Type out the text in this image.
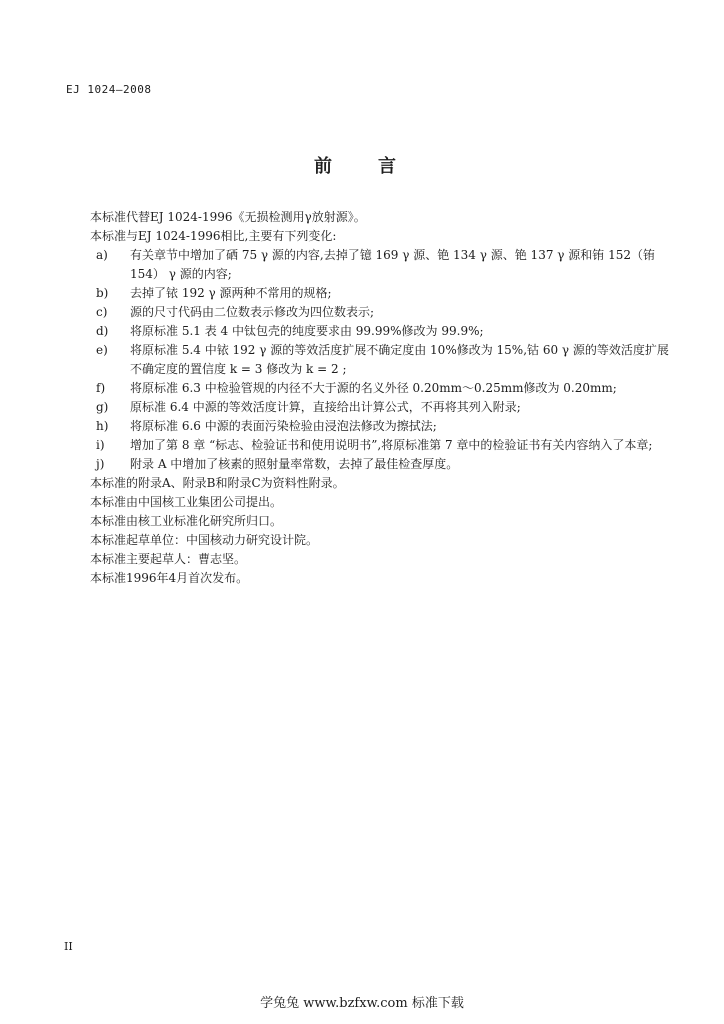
EJ 1024—2008
前　言

本标准代替EJ 1024-1996《无损检测用γ放射源》。

本标准与EJ 1024-1996相比,主要有下列变化:

a)	有关章节中增加了硒 75 γ 源的内容,去掉了镱 169 γ 源、铯 134 γ 源、铯 137 γ 源和铕 152（铕 154） γ 源的内容;
b)	去掉了铱 192 γ 源两种不常用的规格;
c)	源的尺寸代码由二位数表示修改为四位数表示;
d)	将原标准 5.1 表 4 中钛包壳的纯度要求由 99.99%修改为 99.9%;
e)	将原标准 5.4 中铱 192 γ 源的等效活度扩展不确定度由 10%修改为 15%,钴 60 γ 源的等效活度扩展不确定度的置信度 k = 3 修改为 k = 2 ;
f)	将原标准 6.3 中检验管规的内径不大于源的名义外径 0.20mm～0.25mm修改为 0.20mm;
g)	原标准 6.4 中源的等效活度计算，直接给出计算公式，不再将其列入附录;
h)	将原标准 6.6 中源的表面污染检验由浸泡法修改为擦拭法;
i)	增加了第 8 章 “标志、检验证书和使用说明书”,将原标准第 7 章中的检验证书有关内容纳入了本章;
j)	附录 A 中增加了核素的照射量率常数，去掉了最佳检查厚度。

本标准的附录A、附录B和附录C为资料性附录。

本标准由中国核工业集团公司提出。

本标准由核工业标准化研究所归口。

本标准起草单位：中国核动力研究设计院。

本标准主要起草人：曹志坚。

本标准1996年4月首次发布。

II
学兔兔 www.bzfxw.com 标准下载
